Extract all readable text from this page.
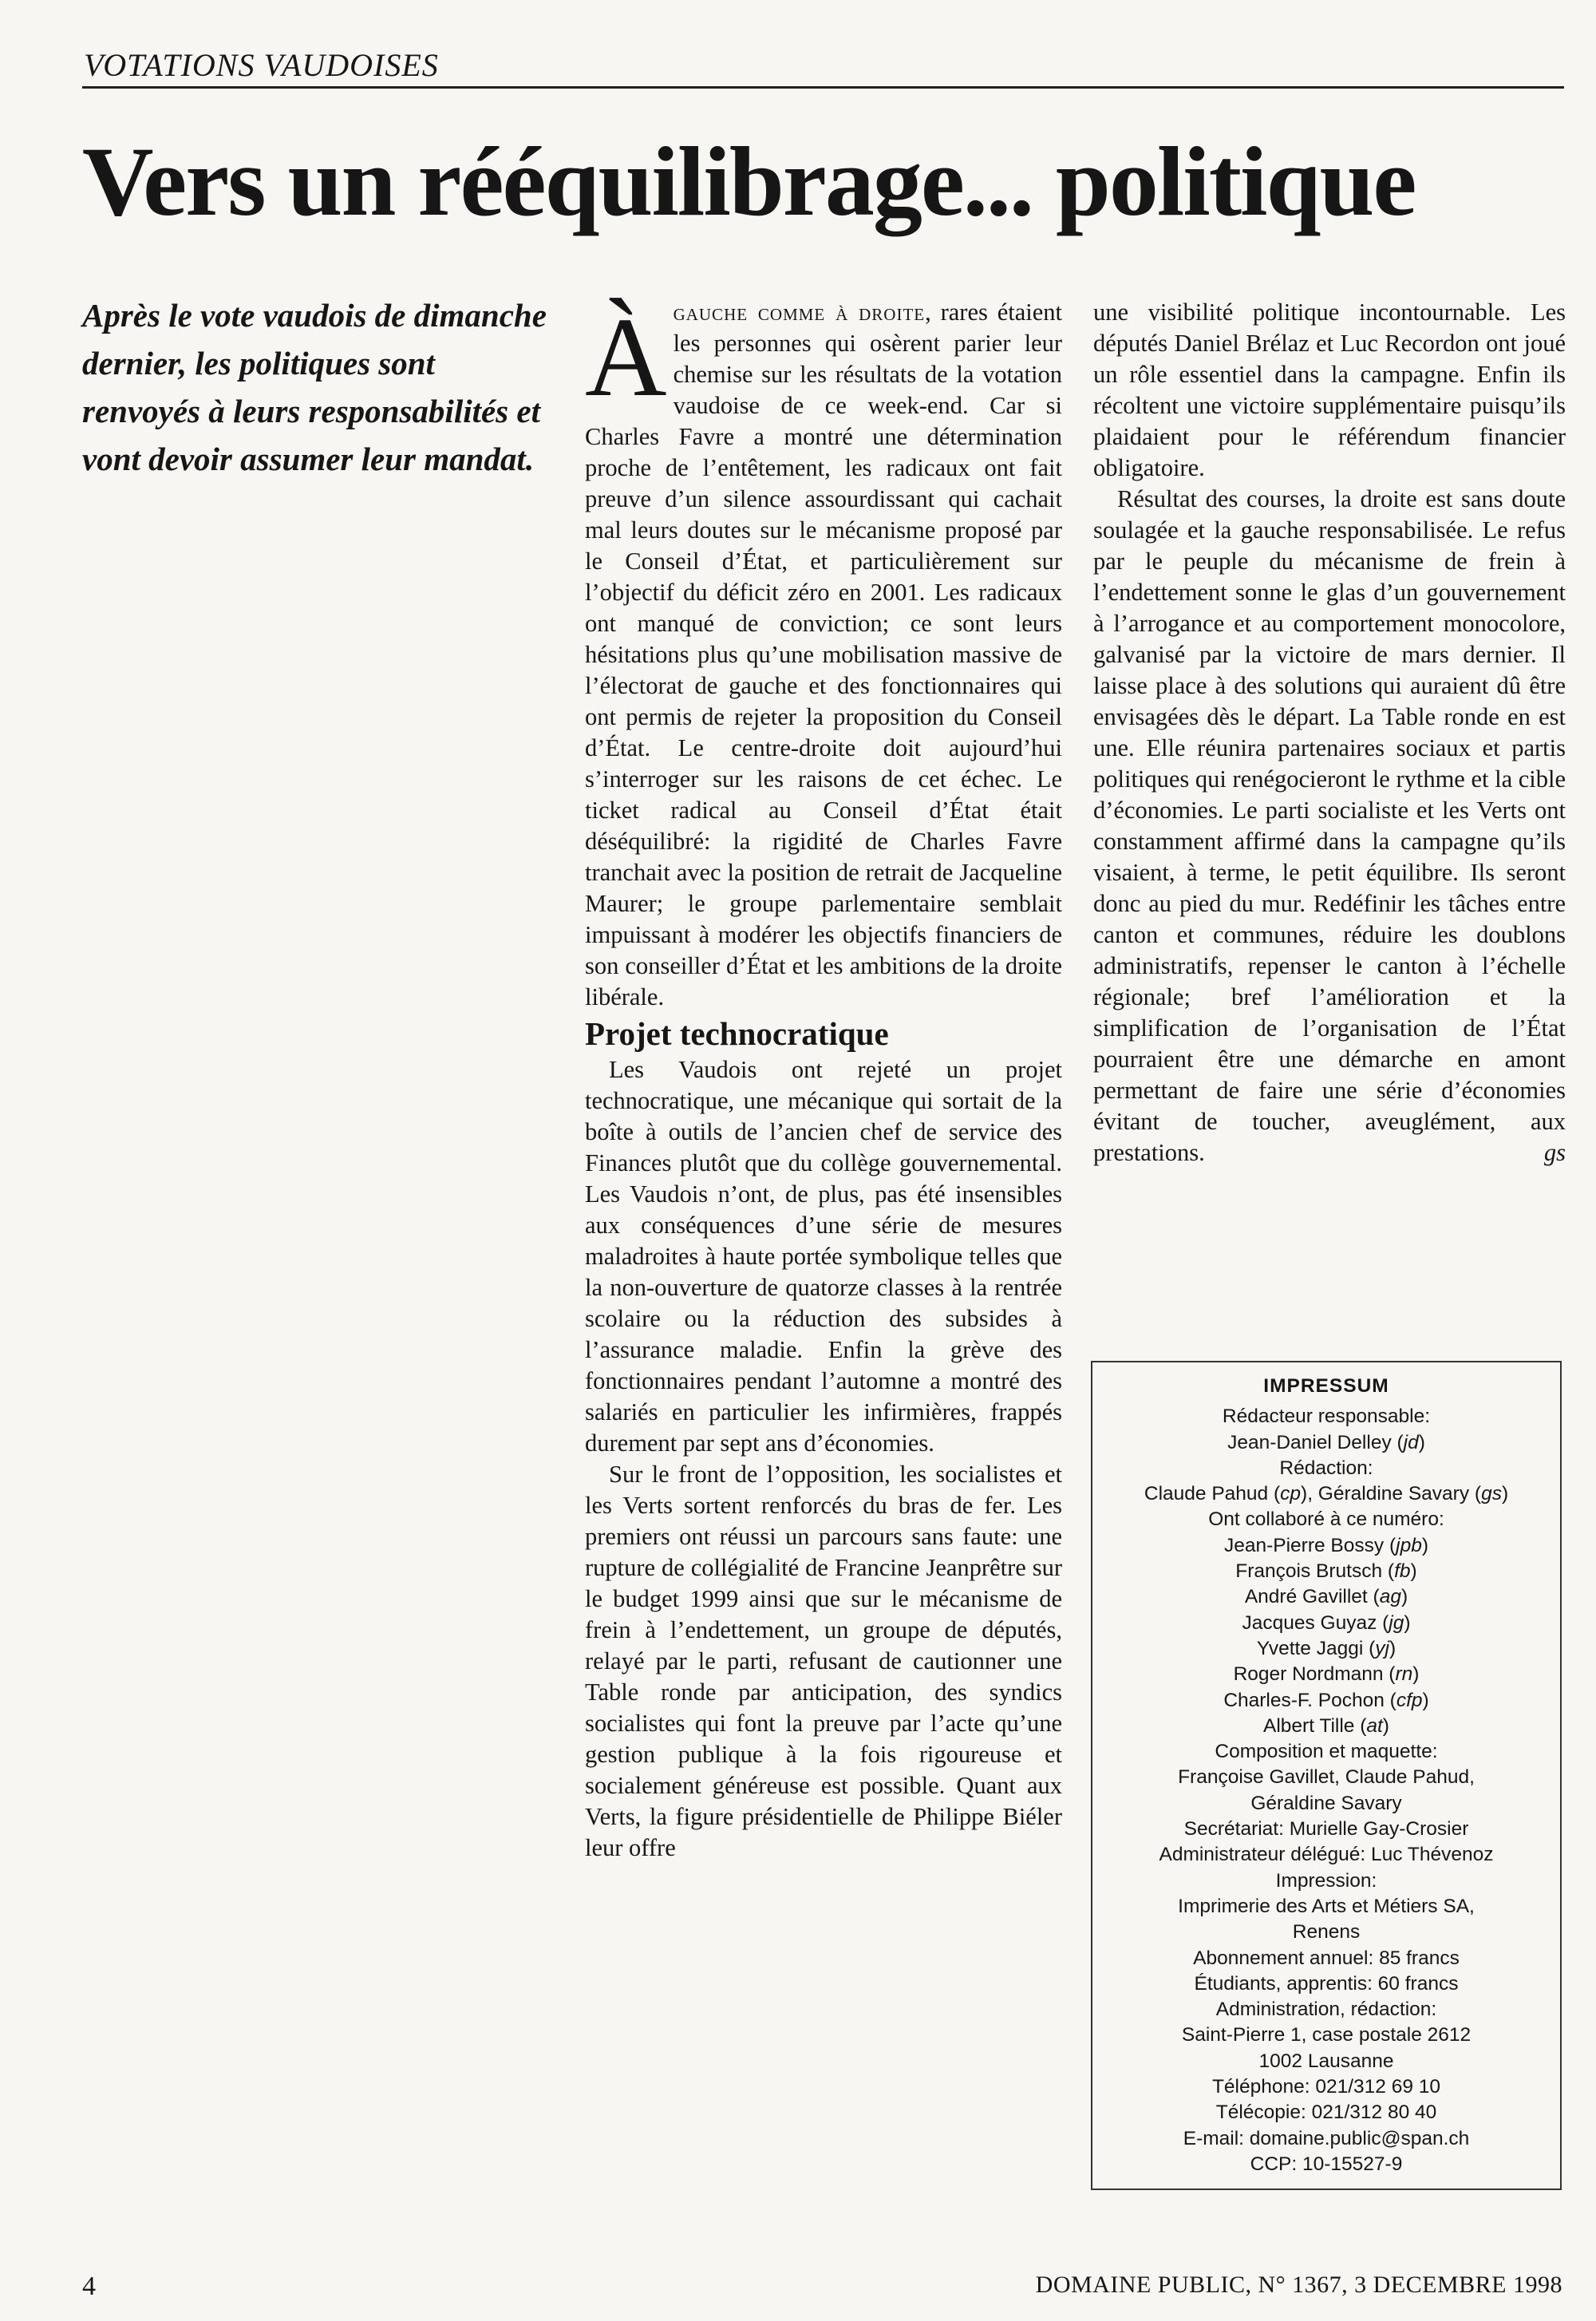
VOTATIONS VAUDOISES
Vers un rééquilibrage... politique
Après le vote vaudois de dimanche dernier, les politiques sont renvoyés à leurs responsabilités et vont devoir assumer leur mandat.

Àgauche comme à droite, rares étaient les personnes qui osèrent parier leur chemise sur les résultats de la votation vaudoise de ce week-end. Car si Charles Favre a montré une détermination proche de l’entêtement, les radicaux ont fait preuve d’un silence assourdissant qui cachait mal leurs doutes sur le mécanisme proposé par le Conseil d’État, et particulièrement sur l’objectif du déficit zéro en 2001. Les radicaux ont manqué de conviction; ce sont leurs hésitations plus qu’une mobilisation massive de l’électorat de gauche et des fonctionnaires qui ont permis de rejeter la proposition du Conseil d’État. Le centre-droite doit aujourd’hui s’interroger sur les raisons de cet échec. Le ticket radical au Conseil d’État était déséquilibré: la rigidité de Charles Favre tranchait avec la position de retrait de Jacqueline Maurer; le groupe parlementaire semblait impuissant à modérer les objectifs financiers de son conseiller d’État et les ambitions de la droite libérale.

Projet technocratique

Les Vaudois ont rejeté un projet technocratique, une mécanique qui sortait de la boîte à outils de l’ancien chef de service des Finances plutôt que du collège gouvernemental. Les Vaudois n’ont, de plus, pas été insensibles aux conséquences d’une série de mesures maladroites à haute portée symbolique telles que la non-ouverture de quatorze classes à la rentrée scolaire ou la réduction des subsides à l’assurance maladie. Enfin la grève des fonctionnaires pendant l’automne a montré des salariés en particulier les infirmières, frappés durement par sept ans d’économies.

Sur le front de l’opposition, les socialistes et les Verts sortent renforcés du bras de fer. Les premiers ont réussi un parcours sans faute: une rupture de collégialité de Francine Jeanprêtre sur le budget 1999 ainsi que sur le mécanisme de frein à l’endettement, un groupe de députés, relayé par le parti, refusant de cautionner une Table ronde par anticipation, des syndics socialistes qui font la preuve par l’acte qu’une gestion publique à la fois rigoureuse et socialement généreuse est possible. Quant aux Verts, la figure présidentielle de Philippe Biéler leur offre

une visibilité politique incontournable. Les députés Daniel Brélaz et Luc Recordon ont joué un rôle essentiel dans la campagne. Enfin ils récoltent une victoire supplémentaire puisqu’ils plaidaient pour le référendum financier obligatoire.

Résultat des courses, la droite est sans doute soulagée et la gauche responsabilisée. Le refus par le peuple du mécanisme de frein à l’endettement sonne le glas d’un gouvernement à l’arrogance et au comportement monocolore, galvanisé par la victoire de mars dernier. Il laisse place à des solutions qui auraient dû être envisagées dès le départ. La Table ronde en est une. Elle réunira partenaires sociaux et partis politiques qui renégocieront le rythme et la cible d’économies. Le parti socialiste et les Verts ont constamment affirmé dans la campagne qu’ils visaient, à terme, le petit équilibre. Ils seront donc au pied du mur. Redéfinir les tâches entre canton et communes, réduire les doublons administratifs, repenser le canton à l’échelle régionale; bref l’amélioration et la simplification de l’organisation de l’État pourraient être une démarche en amont permettant de faire une série d’économies évitant de toucher, aveuglément, aux prestations.	gs

IMPRESSUM
Rédacteur responsable:
Jean-Daniel Delley (jd)
Rédaction:
Claude Pahud (cp), Géraldine Savary (gs)
Ont collaboré à ce numéro:
Jean-Pierre Bossy (jpb)
François Brutsch (fb)
André Gavillet (ag)
Jacques Guyaz (jg)
Yvette Jaggi (yj)
Roger Nordmann (rn)
Charles-F. Pochon (cfp)
Albert Tille (at)
Composition et maquette:
Françoise Gavillet, Claude Pahud,
Géraldine Savary
Secrétariat: Murielle Gay-Crosier
Administrateur délégué: Luc Thévenoz
Impression:
Imprimerie des Arts et Métiers SA,
Renens
Abonnement annuel: 85 francs
Étudiants, apprentis: 60 francs
Administration, rédaction:
Saint-Pierre 1, case postale 2612
1002 Lausanne
Téléphone: 021/312 69 10
Télécopie: 021/312 80 40
E-mail: domaine.public@span.ch
CCP: 10-15527-9
4	DOMAINE PUBLIC, N° 1367, 3 DECEMBRE 1998
